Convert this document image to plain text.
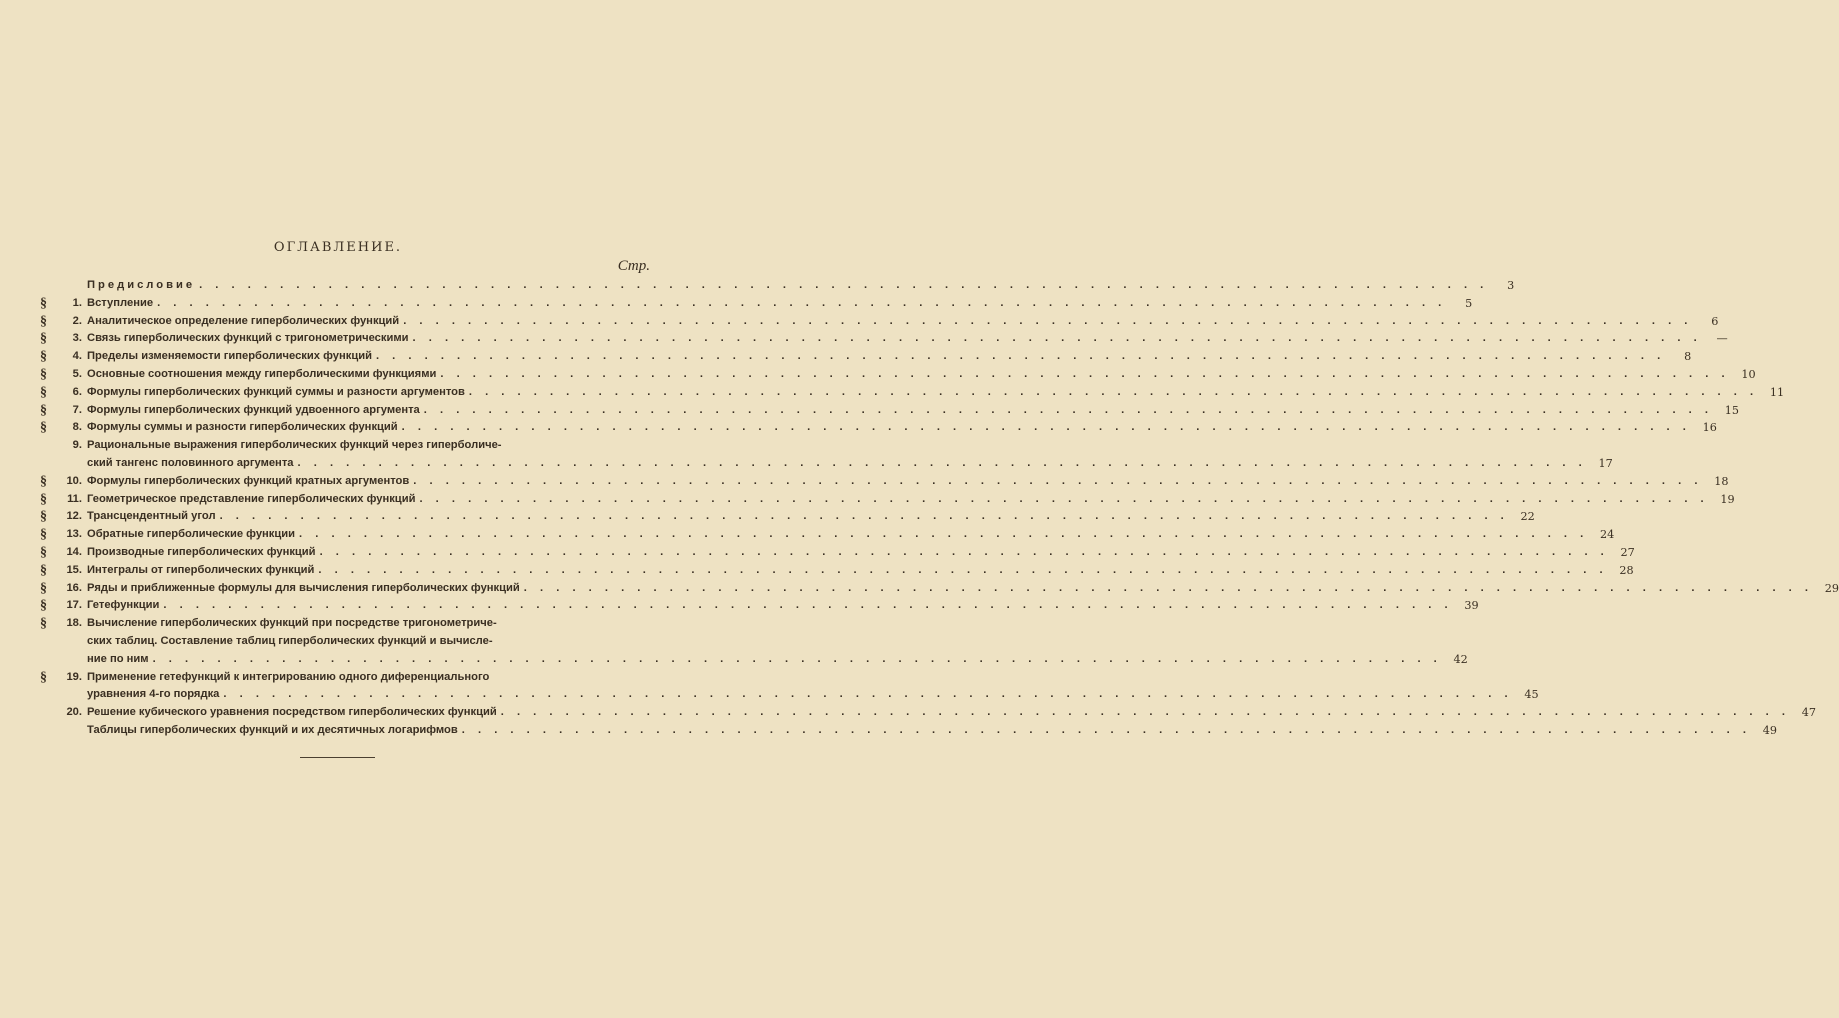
ОГЛАВЛЕНИЕ.
Стр.
Предисловие . . . . . . . . . . . . . . . . . . . . . . . . . . . . . . . . . . . . . . . . . . . . . . . . . . . . . . . . . . . . . . . . . . . . . . . . . . . . . . . .	3
§	1. Вступление . . . . . . . . . . . . . . . . . . . . . . . . . . . . . . . . . . . . . . . . . . . . . . . . . . . . . . . . . . . . . . . . . . . . . . . . . . . . . . . .	5
§	2. Аналитическое определение гиперболических функций . . . . . . . . . . . . . . . . . . . . . . . . . . . . . . . . . . . . . . . . . . . . . . . . . . . . . . . . . . . . . . . . . . . . . . . . . . . . . . . .	6
§	3. Связь гиперболических функций с тригонометрическими . . . . . . . . . . . . . . . . . . . . . . . . . . . . . . . . . . . . . . . . . . . . . . . . . . . . . . . . . . . . . . . . . . . . . . . . . . . . . . . .	—
§	4. Пределы изменяемости гиперболических функций . . . . . . . . . . . . . . . . . . . . . . . . . . . . . . . . . . . . . . . . . . . . . . . . . . . . . . . . . . . . . . . . . . . . . . . . . . . . . . . .	8
§	5. Основные соотношения между гиперболическими функциями . . . . . . . . . . . . . . . . . . . . . . . . . . . . . . . . . . . . . . . . . . . . . . . . . . . . . . . . . . . . . . . . . . . . . . . . . . . . . . . .	10
§	6. Формулы гиперболических функций суммы и разности аргументов . . . . . . . . . . . . . . . . . . . . . . . . . . . . . . . . . . . . . . . . . . . . . . . . . . . . . . . . . . . . . . . . . . . . . . . . . . . . . . . .	11
§	7. Формулы гиперболических функций удвоенного аргумента . . . . . . . . . . . . . . . . . . . . . . . . . . . . . . . . . . . . . . . . . . . . . . . . . . . . . . . . . . . . . . . . . . . . . . . . . . . . . . . .	15
§	8. Формулы суммы и разности гиперболических функций . . . . . . . . . . . . . . . . . . . . . . . . . . . . . . . . . . . . . . . . . . . . . . . . . . . . . . . . . . . . . . . . . . . . . . . . . . . . . . . .	16
9. Рациональные выражения гиперболических функций через гиперболиче-
ский тангенс половинного аргумента . . . . . . . . . . . . . . . . . . . . . . . . . . . . . . . . . . . . . . . . . . . . . . . . . . . . . . . . . . . . . . . . . . . . . . . . . . . . . . . .	17
§	10. Формулы гиперболических функций кратных аргументов . . . . . . . . . . . . . . . . . . . . . . . . . . . . . . . . . . . . . . . . . . . . . . . . . . . . . . . . . . . . . . . . . . . . . . . . . . . . . . . .	18
§	11. Геометрическое представление гиперболических функций . . . . . . . . . . . . . . . . . . . . . . . . . . . . . . . . . . . . . . . . . . . . . . . . . . . . . . . . . . . . . . . . . . . . . . . . . . . . . . . .	19
§	12. Трансцендентный угол . . . . . . . . . . . . . . . . . . . . . . . . . . . . . . . . . . . . . . . . . . . . . . . . . . . . . . . . . . . . . . . . . . . . . . . . . . . . . . . .	22
§	13. Обратные гиперболические функции . . . . . . . . . . . . . . . . . . . . . . . . . . . . . . . . . . . . . . . . . . . . . . . . . . . . . . . . . . . . . . . . . . . . . . . . . . . . . . . .	24
§	14. Производные гиперболических функций . . . . . . . . . . . . . . . . . . . . . . . . . . . . . . . . . . . . . . . . . . . . . . . . . . . . . . . . . . . . . . . . . . . . . . . . . . . . . . . .	27
§	15. Интегралы от гиперболических функций . . . . . . . . . . . . . . . . . . . . . . . . . . . . . . . . . . . . . . . . . . . . . . . . . . . . . . . . . . . . . . . . . . . . . . . . . . . . . . . .	28
§	16. Ряды и приближенные формулы для вычисления гиперболических функций . . . . . . . . . . . . . . . . . . . . . . . . . . . . . . . . . . . . . . . . . . . . . . . . . . . . . . . . . . . . . . . . . . . . . . . . . . . . . . . .	29
§	17. Гетефункции . . . . . . . . . . . . . . . . . . . . . . . . . . . . . . . . . . . . . . . . . . . . . . . . . . . . . . . . . . . . . . . . . . . . . . . . . . . . . . . .	39
§	18. Вычисление гиперболических функций при посредстве тригонометриче-
ских таблиц. Составление таблиц гиперболических функций и вычисле-
ние по ним . . . . . . . . . . . . . . . . . . . . . . . . . . . . . . . . . . . . . . . . . . . . . . . . . . . . . . . . . . . . . . . . . . . . . . . . . . . . . . . .	42
§	19. Применение гетефункций к интегрированию одного диференциального
уравнения 4-го порядка . . . . . . . . . . . . . . . . . . . . . . . . . . . . . . . . . . . . . . . . . . . . . . . . . . . . . . . . . . . . . . . . . . . . . . . . . . . . . . . .	45
20. Решение кубического уравнения посредством гиперболических функций . . . . . . . . . . . . . . . . . . . . . . . . . . . . . . . . . . . . . . . . . . . . . . . . . . . . . . . . . . . . . . . . . . . . . . . . . . . . . . . .	47
Таблицы гиперболических функций и их десятичных логарифмов . . . . . . . . . . . . . . . . . . . . . . . . . . . . . . . . . . . . . . . . . . . . . . . . . . . . . . . . . . . . . . . . . . . . . . . . . . . . . . . .	49
